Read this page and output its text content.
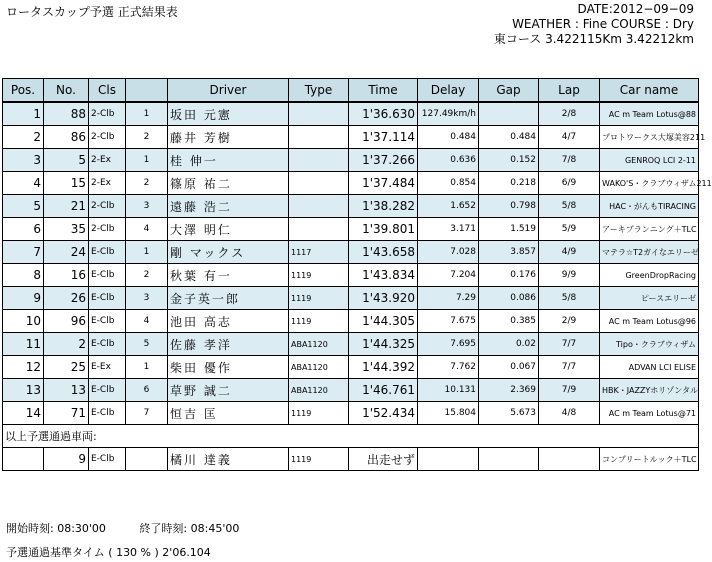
ロータスカップ予選 正式結果表	DATE:2012−09−09
WEATHER : Fine COURSE : Dry
東コース 3.422115Km 3.42212km
Pos.	No.	Cls		Driver	Type	Time	Delay	Gap	Lap	Car name
1	88	2-Clb	1	坂田 元憲		1'36.630	127.49km/h		2/8	AC m Team Lotus@88
2	86	2-Clb	2	藤井 芳樹		1'37.114	0.484	0.484	4/7	プロトワークス大塚美容211
3	5	2-Ex	1	桂 伸一		1'37.266	0.636	0.152	7/8	GENROQ LCI 2-11
4	15	2-Ex	2	篠原 祐二		1'37.484	0.854	0.218	6/9	WAKO'S・クラブウィザム211
5	21	2-Clb	3	遠藤 浩二		1'38.282	1.652	0.798	5/8	HAC・がんもTIRACING
6	35	2-Clb	4	大澤 明仁		1'39.801	3.171	1.519	5/9	アーキプランニング＋TLC
7	24	E-Clb	1	剛 マックス	1117	1'43.658	7.028	3.857	4/9	マテラ☆T2ガイなエリーゼ
8	16	E-Clb	2	秋葉 有一	1119	1'43.834	7.204	0.176	9/9	GreenDropRacing
9	26	E-Clb	3	金子英一郎	1119	1'43.920	7.29	0.086	5/8	ピースエリーゼ
10	96	E-Clb	4	池田 高志	1119	1'44.305	7.675	0.385	2/9	AC m Team Lotus@96
11	2	E-Clb	5	佐藤 孝洋	ABA1120	1'44.325	7.695	0.02	7/7	Tipo・クラブウィザム
12	25	E-Ex	1	柴田 優作	ABA1120	1'44.392	7.762	0.067	7/7	ADVAN LCI ELISE
13	13	E-Clb	6	草野 誠二	ABA1120	1'46.761	10.131	2.369	7/9	HBK・JAZZYホリゾンタル
14	71	E-Clb	7	恒吉 匡	1119	1'52.434	15.804	5.673	4/8	AC m Team Lotus@71
以上予選通過車両:										
	9	E-Clb		橘川 達義	1119	出走せず				コンプリートルック＋TLC
開始時刻: 08:30'00	終了時刻: 08:45'00
予選通過基準タイム ( 130 % ) 2'06.104
